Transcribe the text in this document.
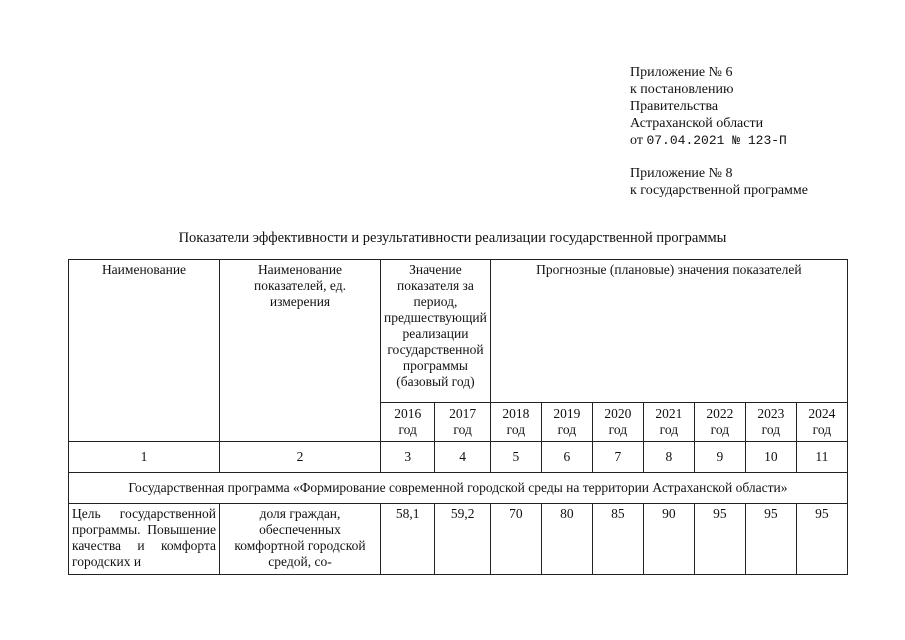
Приложение № 6
к постановлению
Правительства
Астраханской области
от 07.04.2021 № 123-П
Приложение № 8
к государственной программе
Показатели эффективности и результативности реализации государственной программы
Наименование	Наименование показателей, ед. измерения	Значение показателя за период, предшествующий реализации государственной программы (базовый год)		Прогнозные (плановые) значения показателей						
		2016 год	2017 год	2018 год	2019 год	2020 год	2021 год	2022 год	2023 год	2024 год
1	2	3	4	5	6	7	8	9	10	11
Государственная программа «Формирование современной городской среды на территории Астраханской области»										
Цель государственной программы. Повышение качества и комфорта городских и	доля граждан, обеспеченных комфортной городской средой, со-	58,1	59,2	70	80	85	90	95	95	95
